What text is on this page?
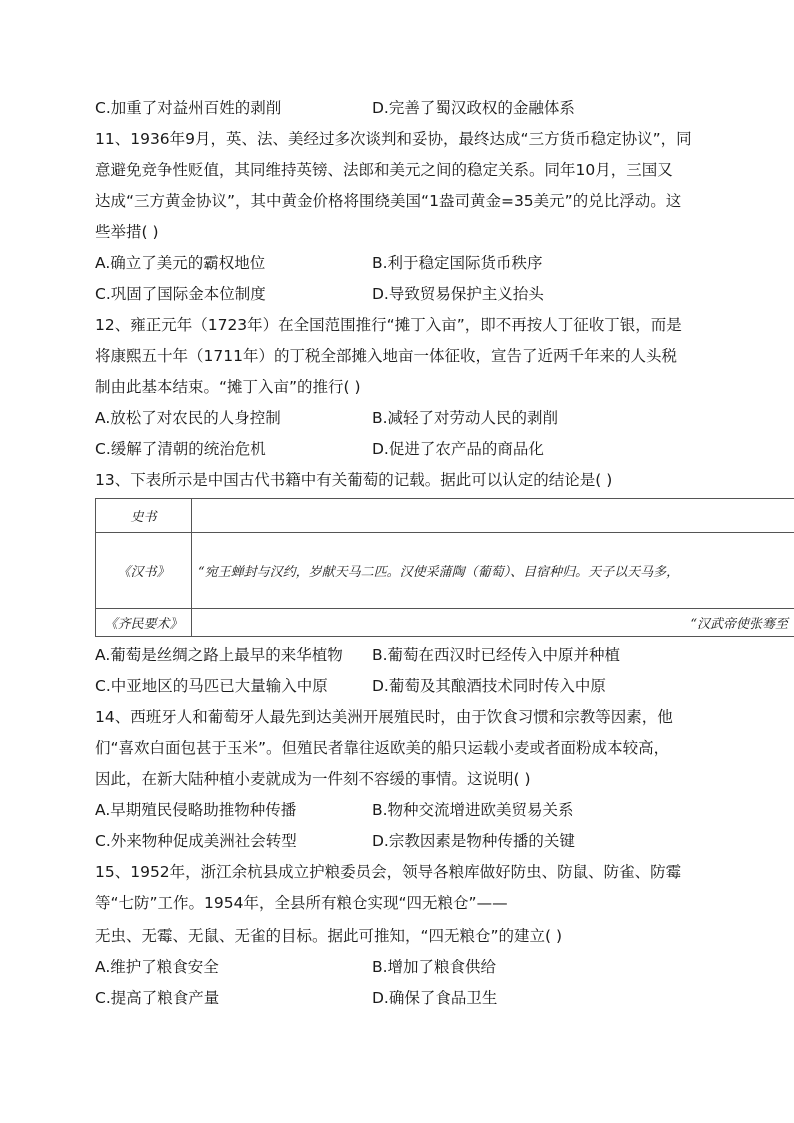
C.加重了对益州百姓的剥削	D.完善了蜀汉政权的金融体系
11、1936年9月，英、法、美经过多次谈判和妥协，最终达成“三方货币稳定协议”，同
意避免竞争性贬值，其同维持英镑、法郎和美元之间的稳定关系。同年10月，三国又
达成“三方黄金协议”，其中黄金价格将围绕美国“1盎司黄金=35美元”的兑比浮动。这
些举措( )
A.确立了美元的霸权地位	B.利于稳定国际货币秩序
C.巩固了国际金本位制度	D.导致贸易保护主义抬头
12、雍正元年（1723年）在全国范围推行“摊丁入亩”，即不再按人丁征收丁银，而是
将康熙五十年（1711年）的丁税全部摊入地亩一体征收，宣告了近两千年来的人头税
制由此基本结束。“摊丁入亩”的推行( )
A.放松了对农民的人身控制	B.减轻了对劳动人民的剥削
C.缓解了清朝的统治危机	D.促进了农产品的商品化
13、下表所示是中国古代书籍中有关葡萄的记载。据此可以认定的结论是( )
史书	
《汉书》	“宛王蝉封与汉约，岁献天马二匹。汉使采蒲陶（葡萄）、目宿种归。天子以天马多，
《齐民要术》	“汉武帝使张骞至
A.葡萄是丝绸之路上最早的来华植物 B.葡萄在西汉时已经传入中原并种植
C.中亚地区的马匹已大量输入中原	D.葡萄及其酿酒技术同时传入中原
14、西班牙人和葡萄牙人最先到达美洲开展殖民时，由于饮食习惯和宗教等因素，他
们“喜欢白面包甚于玉米”。但殖民者靠往返欧美的船只运载小麦或者面粉成本较高，
因此，在新大陆种植小麦就成为一件刻不容缓的事情。这说明( )
A.早期殖民侵略助推物种传播	B.物种交流增进欧美贸易关系
C.外来物种促成美洲社会转型	D.宗教因素是物种传播的关键
15、1952年，浙江余杭县成立护粮委员会，领导各粮库做好防虫、防鼠、防雀、防霉
等“七防”工作。1954年，全县所有粮仓实现“四无粮仓”——
无虫、无霉、无鼠、无雀的目标。据此可推知，“四无粮仓”的建立( )
A.维护了粮食安全	B.增加了粮食供给
C.提高了粮食产量	D.确保了食品卫生
